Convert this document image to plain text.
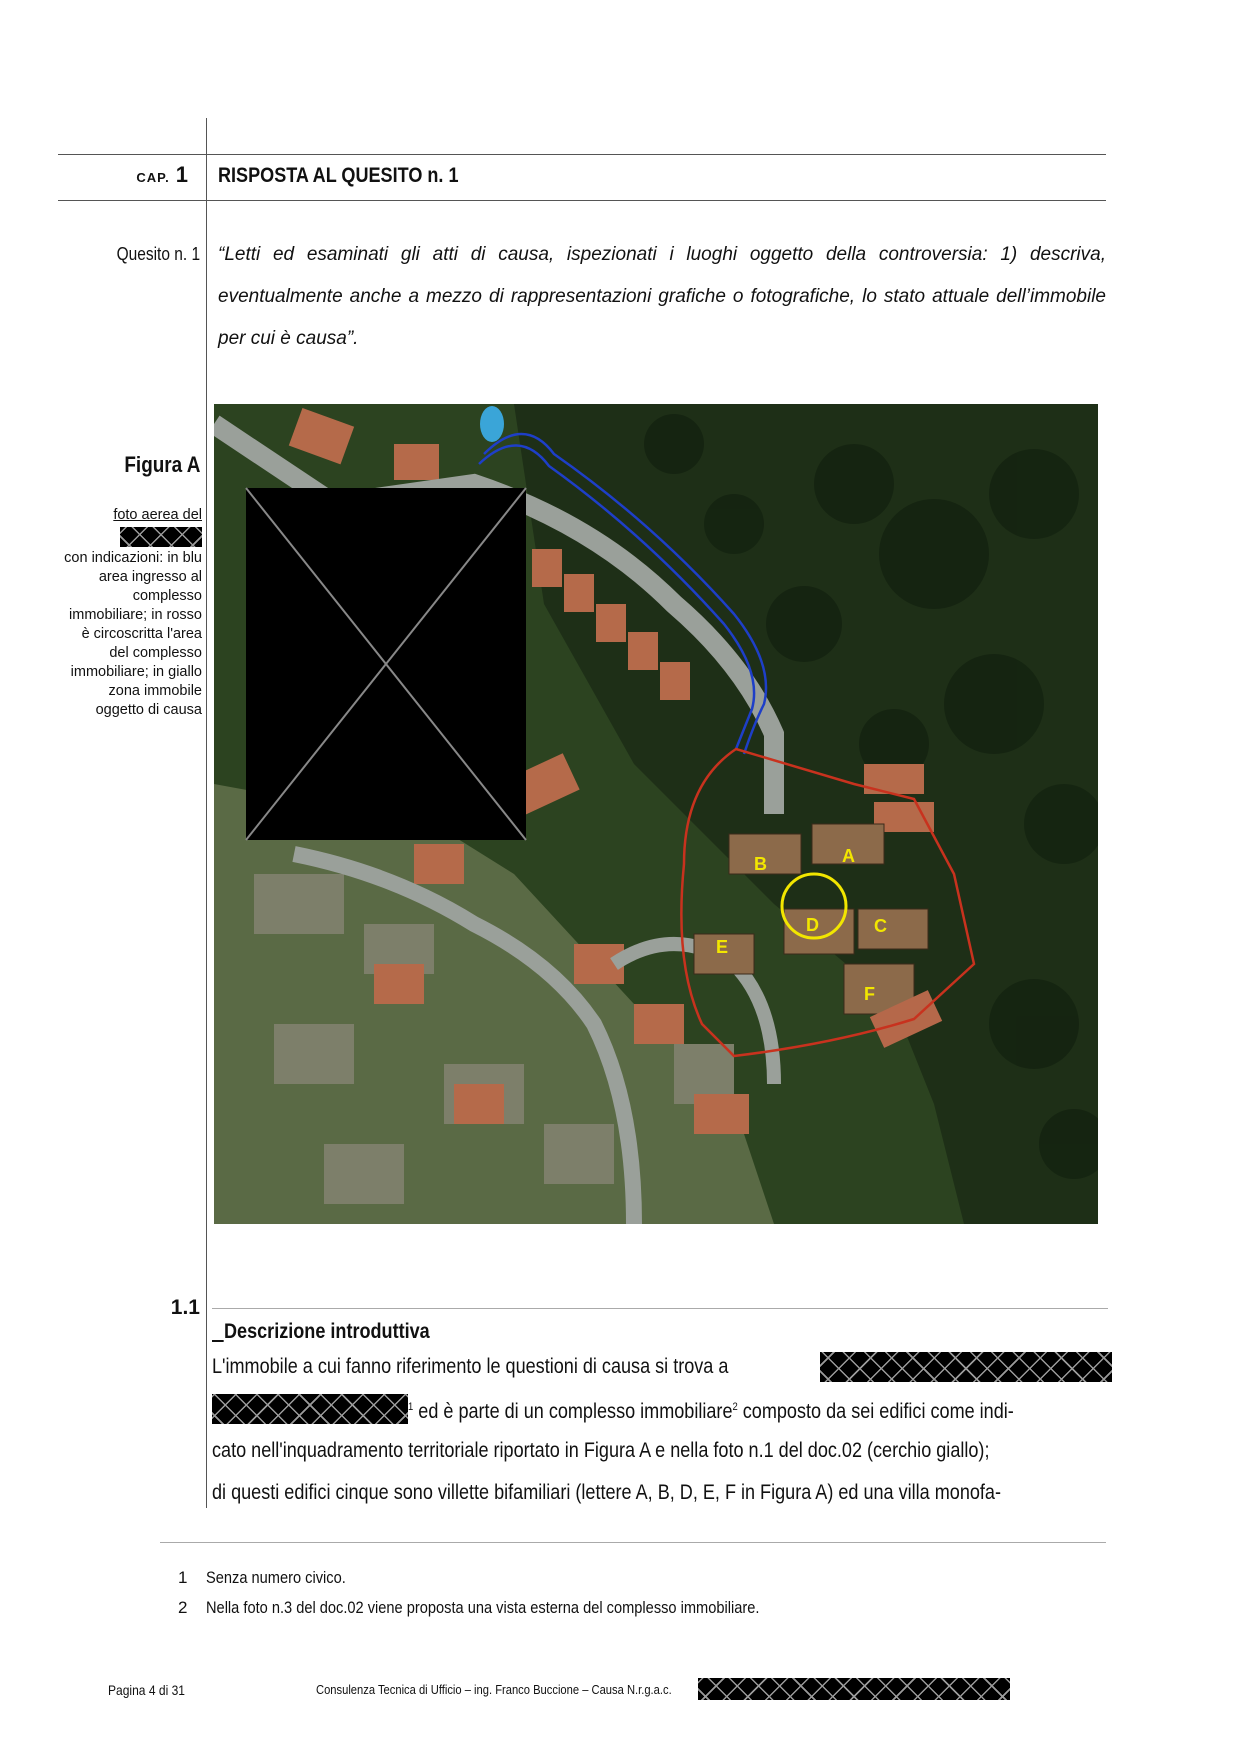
CAP. 1 RISPOSTA AL QUESITO n. 1
Quesito n. 1 “Letti ed esaminati gli atti di causa, ispezionati i luoghi oggetto della controversia: 1) descriva, eventualmente anche a mezzo di rappresentazioni grafiche o fotografiche, lo stato attuale dell’immobile per cui è causa”.
Figura A
foto aerea del
con indicazioni: in blu area ingresso al complesso immobiliare; in rosso è circoscritta l'area del complesso immobiliare; in giallo zona immobile oggetto di causa
A
B
C
D
E
F
1.1

Descrizione introduttiva

L'immobile a cui fanno riferimento le questioni di causa si trova a
$^1$ ed è parte di un complesso immobiliare$^2$ composto da sei edifici come indi-
cato nell'inquadramento territoriale riportato in Figura A e nella foto n.1 del doc.02 (cerchio giallo);
di questi edifici cinque sono villette bifamiliari (lettere A, B, D, E, F in Figura A) ed una villa monofa-
1 Senza numero civico.
2 Nella foto n.3 del doc.02 viene proposta una vista esterna del complesso immobiliare.
Pagina 4 di 31	Consulenza Tecnica di Ufficio – ing. Franco Buccione – Causa N.r.g.a.c.
